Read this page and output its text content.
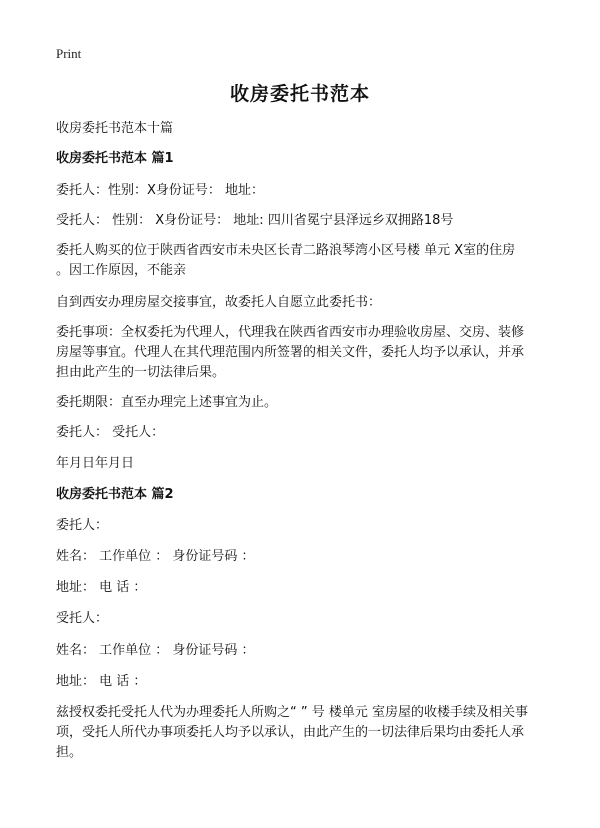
Print
收房委托书范本
收房委托书范本十篇
收房委托书范本 篇1
委托人：性别：X身份证号： 地址：
受托人： 性别： X身份证号： 地址: 四川省冕宁县泽远乡双拥路18号
委托人购买的位于陕西省西安市未央区长青二路浪琴湾小区号楼 单元 X室的住房
。因工作原因，不能亲
自到西安办理房屋交接事宜，故委托人自愿立此委托书：
委托事项：全权委托为代理人，代理我在陕西省西安市办理验收房屋、交房、装修
房屋等事宜。代理人在其代理范围内所签署的相关文件，委托人均予以承认，并承
担由此产生的一切法律后果。
委托期限：直至办理完上述事宜为止。
委托人： 受托人：
年月日年月日
收房委托书范本 篇2
委托人：
姓名： 工作单位 ： 身份证号码 ：
地址： 电 话 ：
受托人：
姓名： 工作单位 ： 身份证号码 ：
地址： 电 话 ：
兹授权委托受托人代为办理委托人所购之“ ” 号 楼单元 室房屋的收楼手续及相关事
项，受托人所代办事项委托人均予以承认，由此产生的一切法律后果均由委托人承
担。
